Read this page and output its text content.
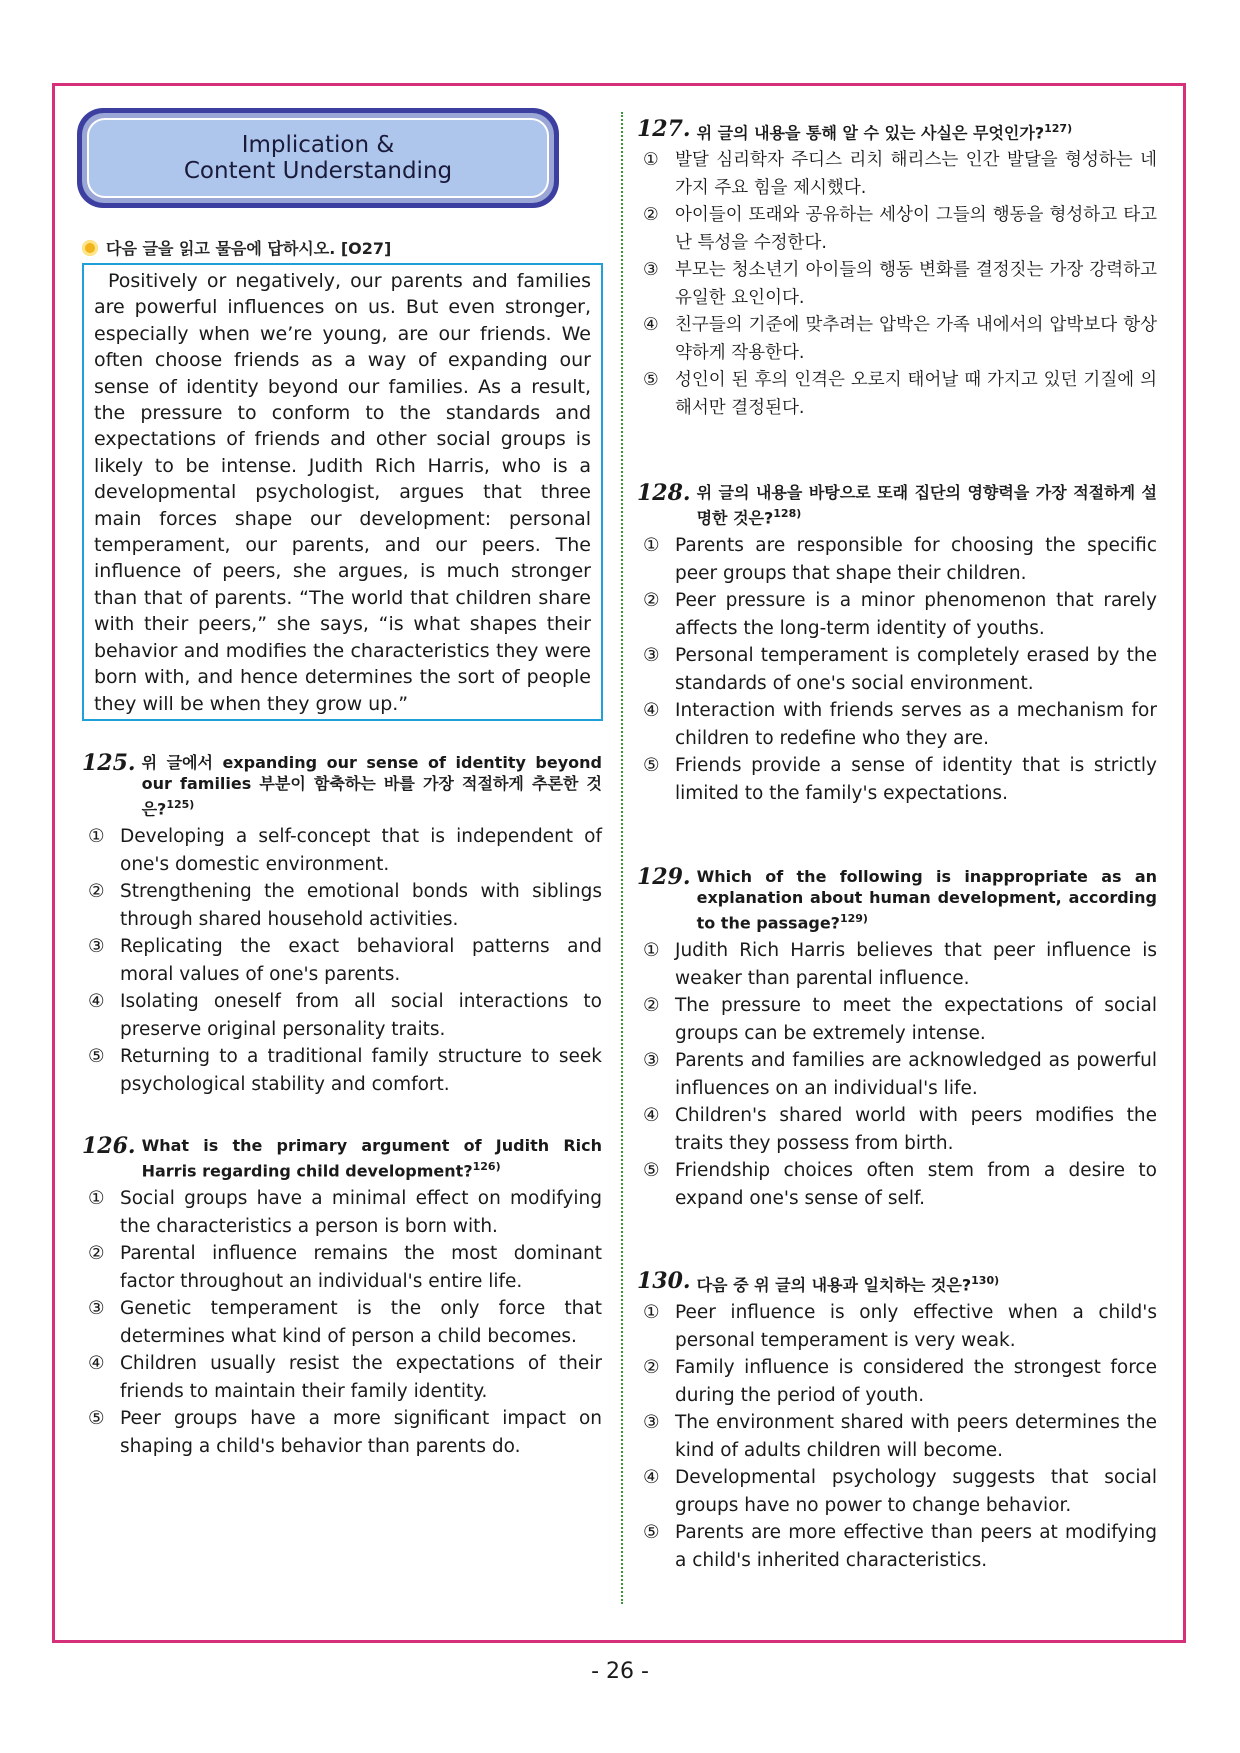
Implication &
Content Understanding
다음 글을 읽고 물음에 답하시오. [O27]

Positively or negatively, our parents and families are powerful influences on us. But even stronger, especially when we’re young, are our friends. We often choose friends as a way of expanding our sense of identity beyond our families. As a result, the pressure to conform to the standards and expectations of friends and other social groups is likely to be intense. Judith Rich Harris, who is a developmental psychologist, argues that three main forces shape our development: personal temperament, our parents, and our peers. The influence of peers, she argues, is much stronger than that of parents. “The world that children share with their peers,” she says, “is what shapes their behavior and modifies the characteristics they were born with, and hence determines the sort of people they will be when they grow up.”

125. 위 글에서 expanding our sense of identity beyond our families 부분이 함축하는 바를 가장 적절하게 추론한 것은?$^{125)}$
① Developing a self-concept that is independent of one's domestic environment.
② Strengthening the emotional bonds with siblings through shared household activities.
③ Replicating the exact behavioral patterns and moral values of one's parents.
④ Isolating oneself from all social interactions to preserve original personality traits.
⑤ Returning to a traditional family structure to seek psychological stability and comfort.
126. What is the primary argument of Judith Rich Harris regarding child development?$^{126)}$
① Social groups have a minimal effect on modifying the characteristics a person is born with.
② Parental influence remains the most dominant factor throughout an individual's entire life.
③ Genetic temperament is the only force that determines what kind of person a child becomes.
④ Children usually resist the expectations of their friends to maintain their family identity.
⑤ Peer groups have a more significant impact on shaping a child's behavior than parents do.
127. 위 글의 내용을 통해 알 수 있는 사실은 무엇인가?$^{127)}$
① 발달 심리학자 주디스 리치 해리스는 인간 발달을 형성하는 네 가지 주요 힘을 제시했다.
② 아이들이 또래와 공유하는 세상이 그들의 행동을 형성하고 타고난 특성을 수정한다.
③ 부모는 청소년기 아이들의 행동 변화를 결정짓는 가장 강력하고 유일한 요인이다.
④ 친구들의 기준에 맞추려는 압박은 가족 내에서의 압박보다 항상 약하게 작용한다.
⑤ 성인이 된 후의 인격은 오로지 태어날 때 가지고 있던 기질에 의해서만 결정된다.
128. 위 글의 내용을 바탕으로 또래 집단의 영향력을 가장 적절하게 설명한 것은?$^{128)}$
① Parents are responsible for choosing the specific peer groups that shape their children.
② Peer pressure is a minor phenomenon that rarely affects the long-term identity of youths.
③ Personal temperament is completely erased by the standards of one's social environment.
④ Interaction with friends serves as a mechanism for children to redefine who they are.
⑤ Friends provide a sense of identity that is strictly limited to the family's expectations.
129. Which of the following is inappropriate as an explanation about human development, according to the passage?$^{129)}$
① Judith Rich Harris believes that peer influence is weaker than parental influence.
② The pressure to meet the expectations of social groups can be extremely intense.
③ Parents and families are acknowledged as powerful influences on an individual's life.
④ Children's shared world with peers modifies the traits they possess from birth.
⑤ Friendship choices often stem from a desire to expand one's sense of self.
130. 다음 중 위 글의 내용과 일치하는 것은?$^{130)}$
① Peer influence is only effective when a child's personal temperament is very weak.
② Family influence is considered the strongest force during the period of youth.
③ The environment shared with peers determines the kind of adults children will become.
④ Developmental psychology suggests that social groups have no power to change behavior.
⑤ Parents are more effective than peers at modifying a child's inherited characteristics.
- 26 -
